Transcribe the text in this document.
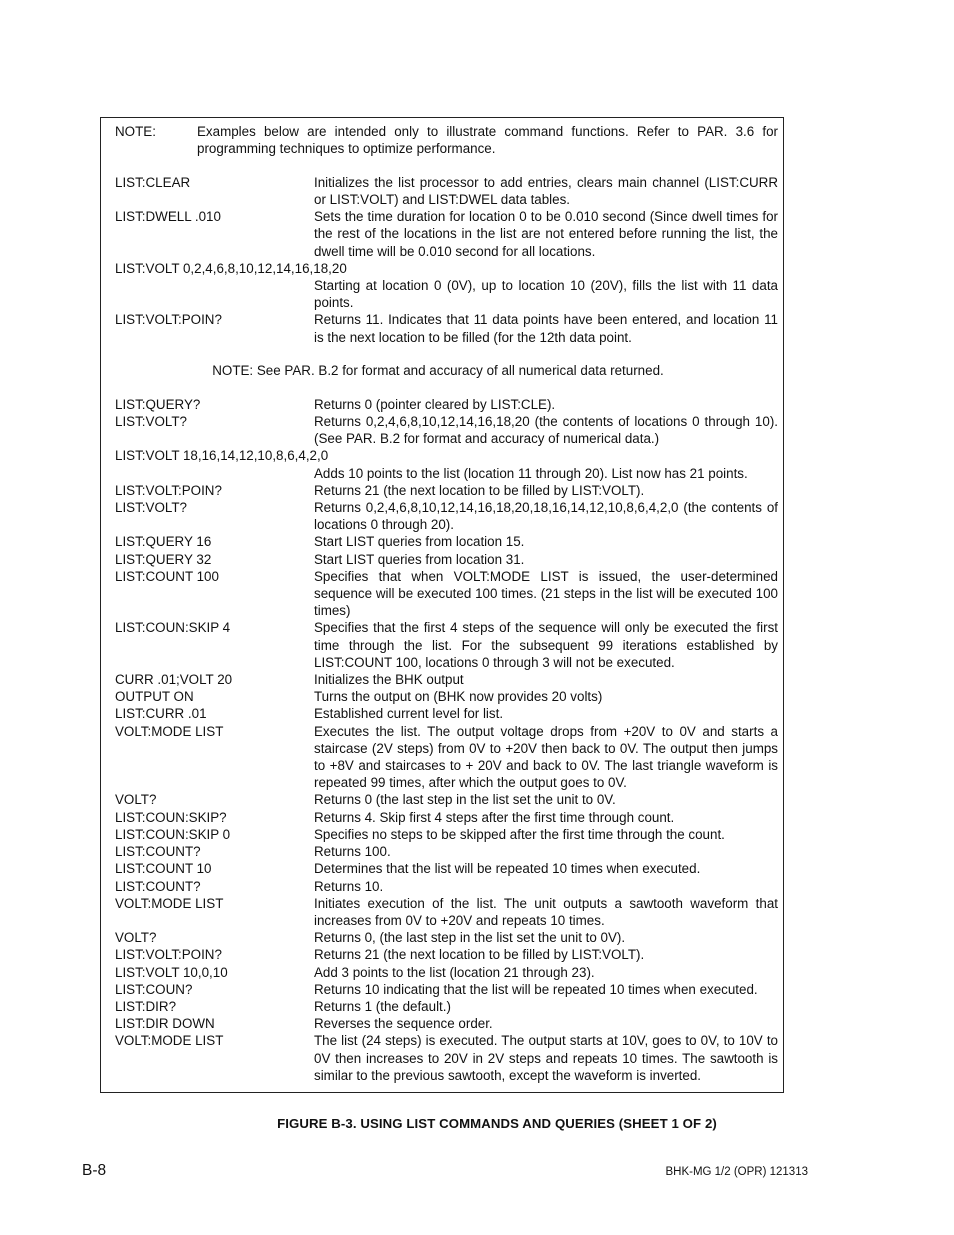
NOTE:	Examples below are intended only to illustrate command functions. Refer to PAR. 3.6 for programming techniques to optimize performance.
LIST:CLEAR	Initializes the list processor to add entries, clears main channel (LIST:CURR or LIST:VOLT) and LIST:DWEL data tables.
LIST:DWELL .010	Sets the time duration for location 0 to be 0.010 second (Since dwell times for the rest of the locations in the list are not entered before running the list, the dwell time will be 0.010 second for all locations.
LIST:VOLT 0,2,4,6,8,10,12,14,16,18,20
Starting at location 0 (0V), up to location 10 (20V), fills the list with 11 data points.
LIST:VOLT:POIN?	Returns 11. Indicates that 11 data points have been entered, and location 11 is the next location to be filled (for the 12th data point.
NOTE: See PAR. B.2 for format and accuracy of all numerical data returned.
LIST:QUERY?	Returns 0 (pointer cleared by LIST:CLE).
LIST:VOLT?	Returns 0,2,4,6,8,10,12,14,16,18,20 (the contents of locations 0 through 10). (See PAR. B.2 for format and accuracy of numerical data.)
LIST:VOLT 18,16,14,12,10,8,6,4,2,0
Adds 10 points to the list (location 11 through 20). List now has 21 points.
LIST:VOLT:POIN?	Returns 21 (the next location to be filled by LIST:VOLT).
LIST:VOLT?	Returns 0,2,4,6,8,10,12,14,16,18,20,18,16,14,12,10,8,6,4,2,0 (the contents of locations 0 through 20).
LIST:QUERY 16	Start LIST queries from location 15.
LIST:QUERY 32	Start LIST queries from location 31.
LIST:COUNT 100	Specifies that when VOLT:MODE LIST is issued, the user-determined sequence will be executed 100 times. (21 steps in the list will be executed 100 times)
LIST:COUN:SKIP 4	Specifies that the first 4 steps of the sequence will only be executed the first time through the list. For the subsequent 99 iterations established by LIST:COUNT 100, locations 0 through 3 will not be executed.
CURR .01;VOLT 20	Initializes the BHK output
OUTPUT ON	Turns the output on (BHK now provides 20 volts)
LIST:CURR .01	Established current level for list.
VOLT:MODE LIST	Executes the list. The output voltage drops from +20V to 0V and starts a staircase (2V steps) from 0V to +20V then back to 0V. The output then jumps to +8V and staircases to + 20V and back to 0V. The last triangle waveform is repeated 99 times, after which the output goes to 0V.
VOLT?	Returns 0 (the last step in the list set the unit to 0V.
LIST:COUN:SKIP?	Returns 4. Skip first 4 steps after the first time through count.
LIST:COUN:SKIP 0	Specifies no steps to be skipped after the first time through the count.
LIST:COUNT?	Returns 100.
LIST:COUNT 10	Determines that the list will be repeated 10 times when executed.
LIST:COUNT?	Returns 10.
VOLT:MODE LIST	Initiates execution of the list. The unit outputs a sawtooth waveform that increases from 0V to +20V and repeats 10 times.
VOLT?	Returns 0, (the last step in the list set the unit to 0V).
LIST:VOLT:POIN?	Returns 21 (the next location to be filled by LIST:VOLT).
LIST:VOLT 10,0,10	Add 3 points to the list (location 21 through 23).
LIST:COUN?	Returns 10 indicating that the list will be repeated 10 times when executed.
LIST:DIR?	Returns 1 (the default.)
LIST:DIR DOWN	Reverses the sequence order.
VOLT:MODE LIST	The list (24 steps) is executed. The output starts at 10V, goes to 0V, to 10V to 0V then increases to 20V in 2V steps and repeats 10 times. The sawtooth is similar to the previous sawtooth, except the waveform is inverted.
FIGURE B-3. USING LIST COMMANDS AND QUERIES (SHEET 1 OF 2)
B-8	BHK-MG 1/2 (OPR) 121313
